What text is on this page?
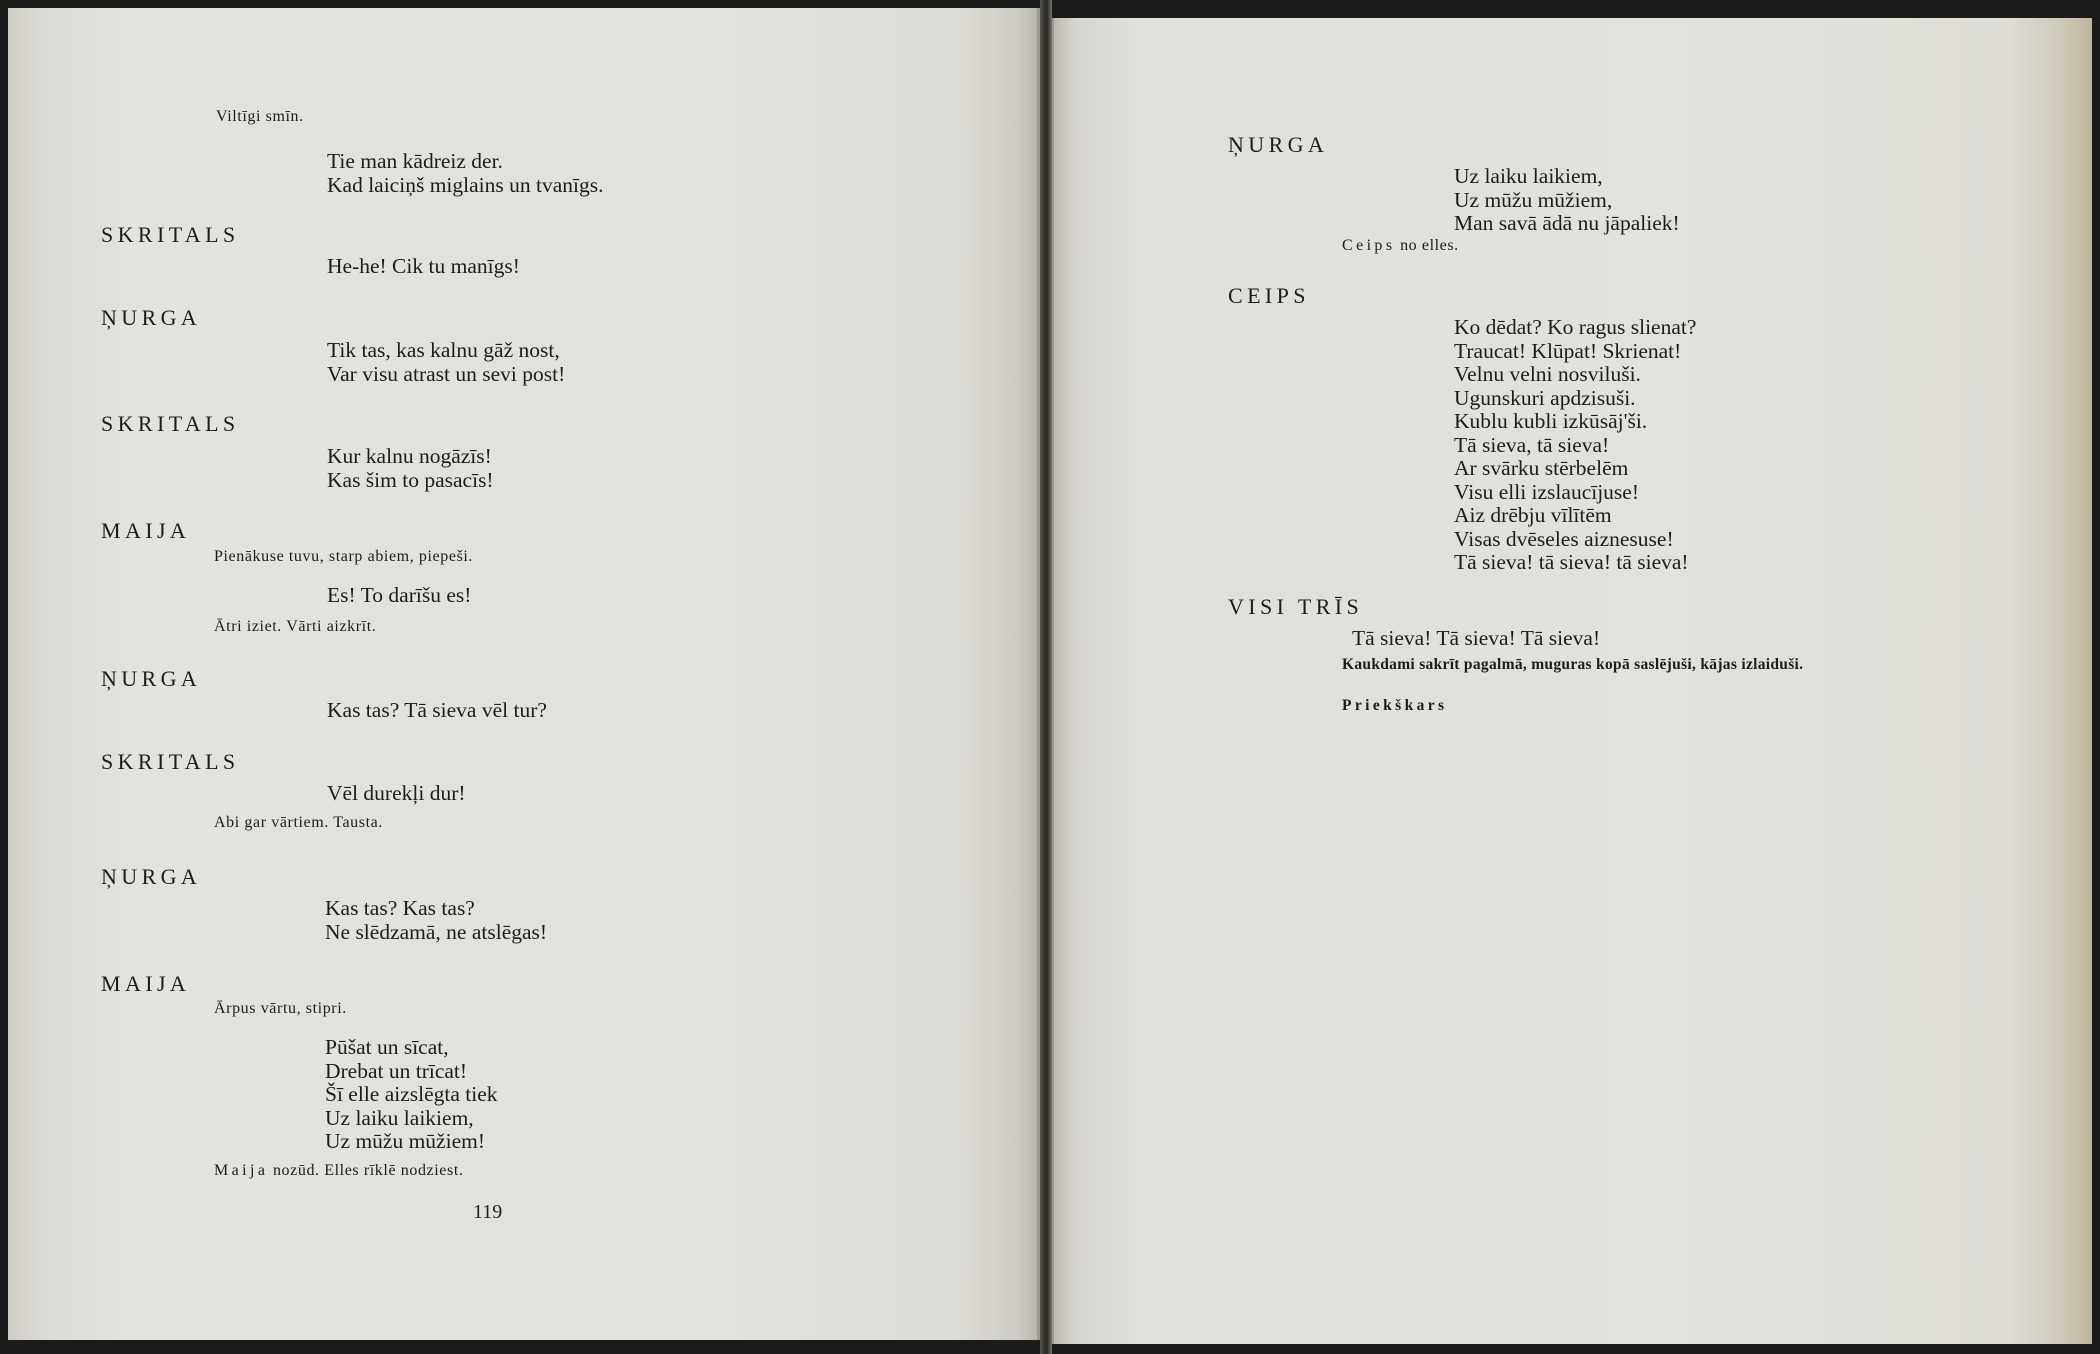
Viltīgi smīn.
Tie man kādreiz der.
Kad laiciņš miglains un tvanīgs.
SKRITALS
He-he! Cik tu manīgs!
ŅURGA
Tik tas, kas kalnu gāž nost,
Var visu atrast un sevi post!
SKRITALS
Kur kalnu nogāzīs!
Kas šim to pasacīs!
MAIJA
Pienākuse tuvu, starp abiem, piepeši.
Es! To darīšu es!
Ātri iziet. Vārti aizkrīt.
ŅURGA
Kas tas? Tā sieva vēl tur?
SKRITALS
Vēl durekļi dur!
Abi gar vārtiem. Tausta.
ŅURGA
Kas tas? Kas tas?
Ne slēdzamā, ne atslēgas!
MAIJA
Ārpus vārtu, stipri.
Pūšat un sīcat,
Drebat un trīcat!
Šī elle aizslēgta tiek
Uz laiku laikiem,
Uz mūžu mūžiem!
Maija nozūd. Elles rīklē nodziest.
119
ŅURGA
Uz laiku laikiem,
Uz mūžu mūžiem,
Man savā ādā nu jāpaliek!
Ceips no elles.
CEIPS
Ko dēdat? Ko ragus slienat?
Traucat! Klūpat! Skrienat!
Velnu velni nosviluši.
Ugunskuri apdzisuši.
Kublu kubli izkūsāj'ši.
Tā sieva, tā sieva!
Ar svārku stērbelēm
Visu elli izslaucījuse!
Aiz drēbju vīlītēm
Visas dvēseles aiznesuse!
Tā sieva! tā sieva! tā sieva!
VISI TRĪS
Tā sieva! Tā sieva! Tā sieva!
Kaukdami sakrīt pagalmā, muguras kopā saslējuši, kājas izlaiduši.
Priekškars
